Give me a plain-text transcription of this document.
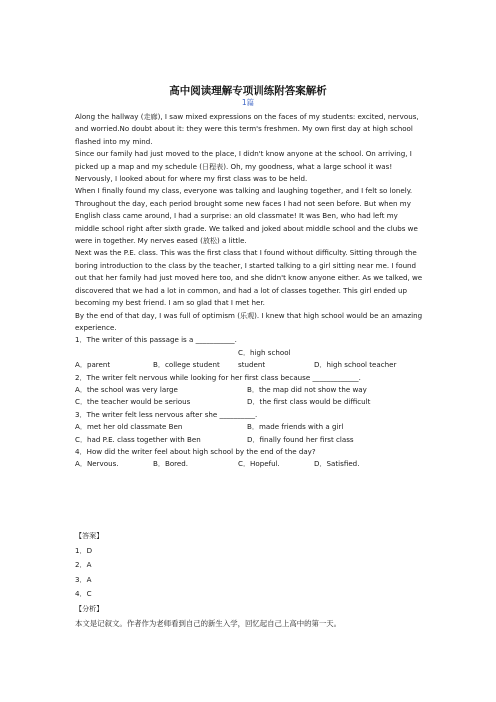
高中阅读理解专项训练附答案解析
1篇

Along the hallway (走廊), I saw mixed expressions on the faces of my students: excited, nervous, and worried.No doubt about it: they were this term's freshmen. My own first day at high school flashed into my mind.

Since our family had just moved to the place, I didn't know anyone at the school. On arriving, I picked up a map and my schedule (日程表). Oh, my goodness, what a large school it was! Nervously, I looked about for where my first class was to be held.

When I finally found my class, everyone was talking and laughing together, and I felt so lonely. Throughout the day, each period brought some new faces I had not seen before. But when my English class came around, I had a surprise: an old classmate! It was Ben, who had left my middle school right after sixth grade. We talked and joked about middle school and the clubs we were in together. My nerves eased (放松) a little.

Next was the P.E. class. This was the first class that I found without difficulty. Sitting through the boring introduction to the class by the teacher, I started talking to a girl sitting near me. I found out that her family had just moved here too, and she didn't know anyone either. As we talked, we discovered that we had a lot in common, and had a lot of classes together. This girl ended up becoming my best friend. I am so glad that I met her.

By the end of that day, I was full of optimism (乐观). I knew that high school would be an amazing experience.

1．The writer of this passage is a ___________.

A．parent	B．college studentC．high school student	D．high school teacher

2．The writer felt nervous while looking for her first class because _____________.

A．the school was very large	B．the map did not show the way

C．the teacher would be serious	D．the first class would be difficult

3．The writer felt less nervous after she __________.

A．met her old classmate Ben	B．made friends with a girl

C．had P.E. class together with Ben	D．finally found her first class

4．How did the writer feel about high school by the end of the day?

A．Nervous.	B．Bored.	C．Hopeful.	D．Satisfied.

【答案】
1．D
2．A
3．A
4．C
【分析】
本文是记叙文。作者作为老师看到自己的新生入学，回忆起自己上高中的第一天。
